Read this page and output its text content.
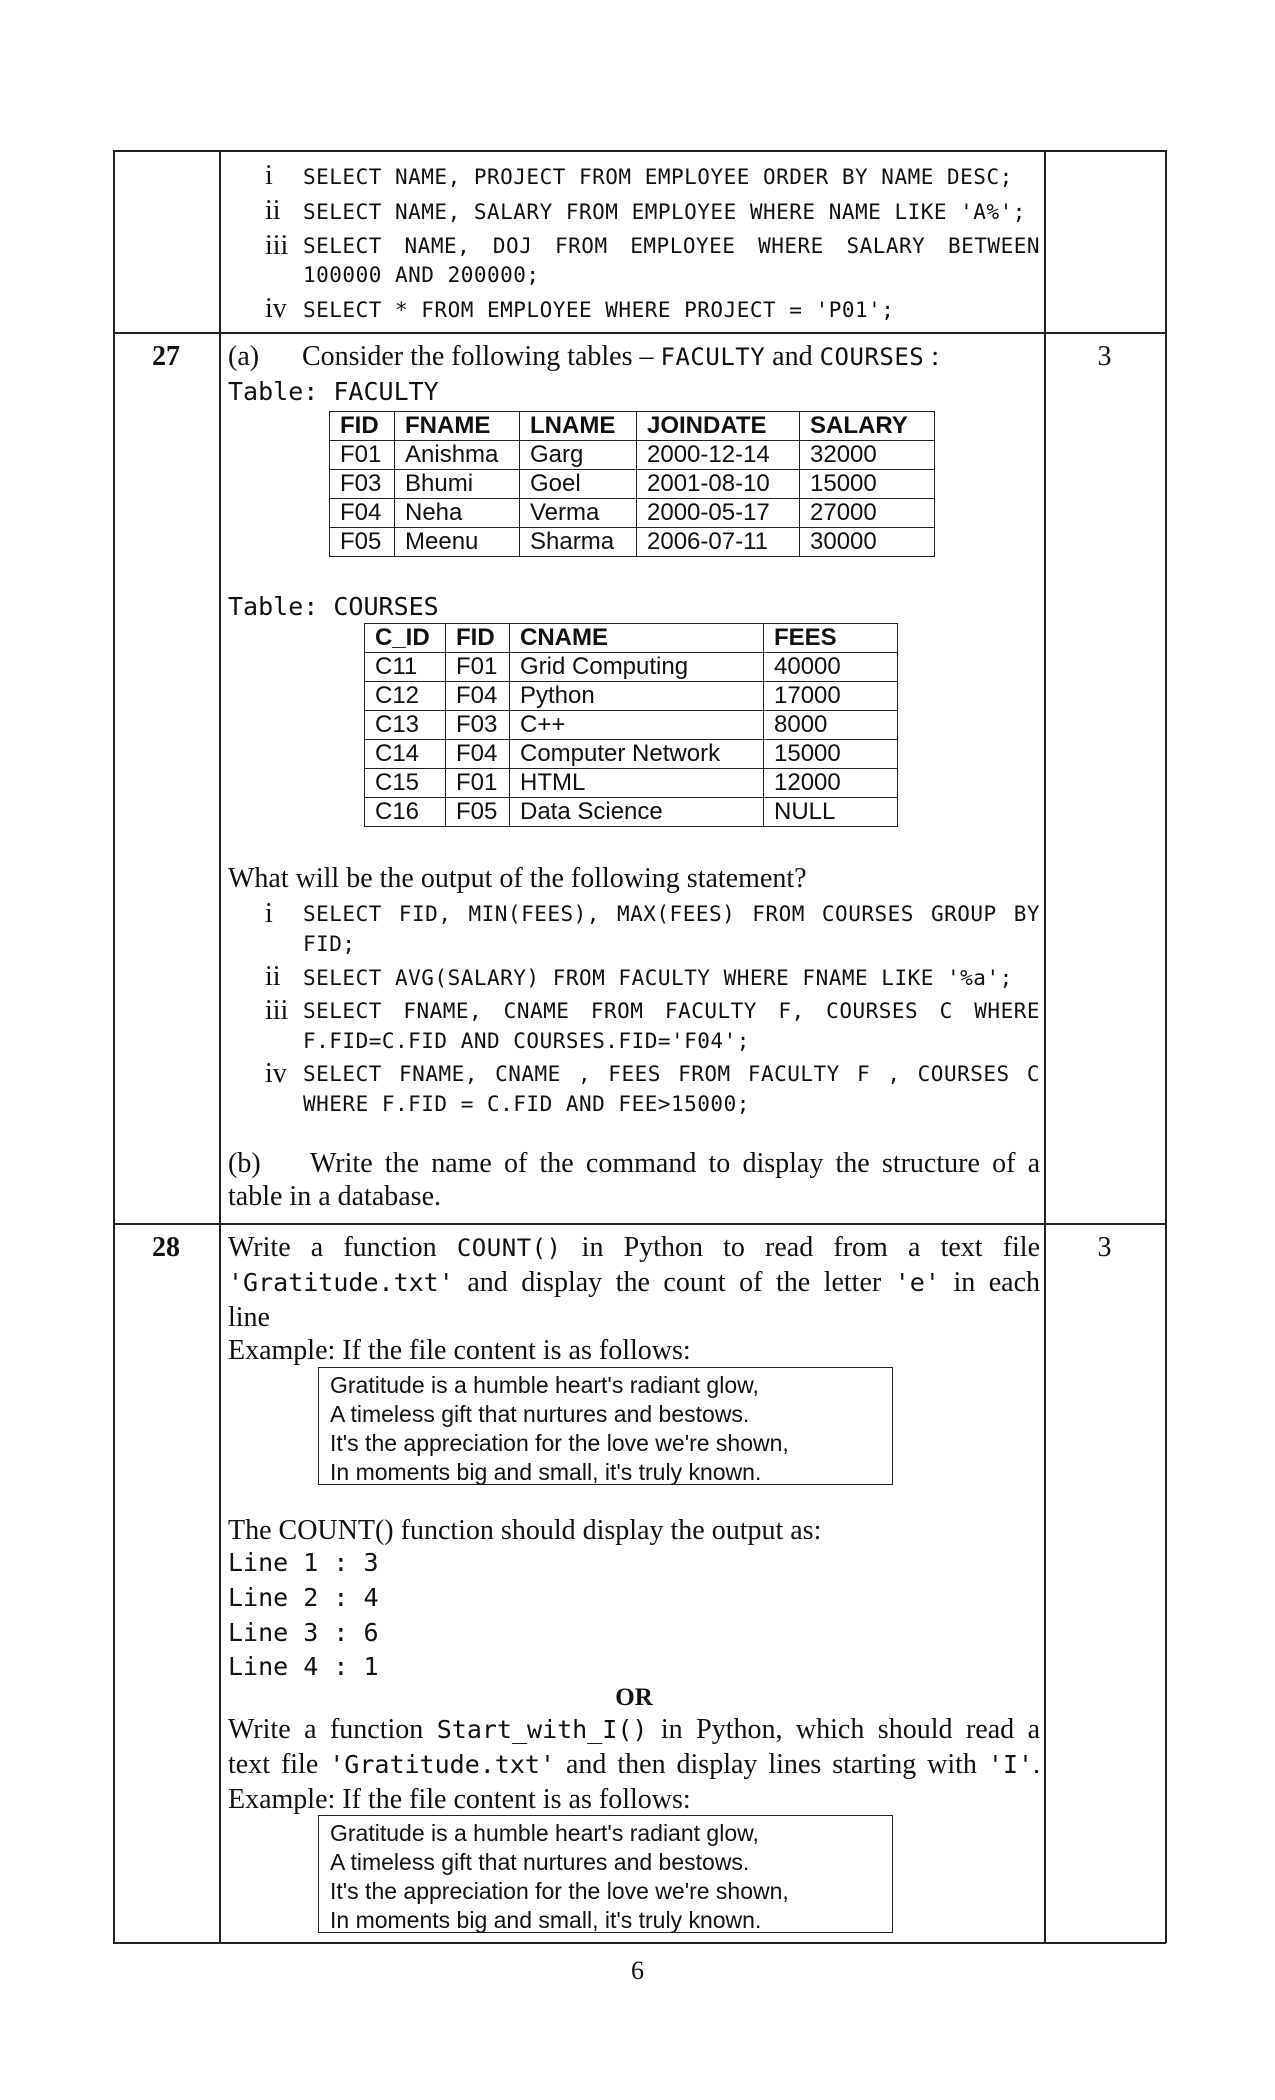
i SELECT NAME, PROJECT FROM EMPLOYEE ORDER BY NAME DESC;
ii SELECT NAME, SALARY FROM EMPLOYEE WHERE NAME LIKE 'A%';
iii SELECT NAME, DOJ FROM EMPLOYEE WHERE SALARY BETWEEN
100000 AND 200000;
iv SELECT * FROM EMPLOYEE WHERE PROJECT = 'P01';
27	3
(a) Consider the following tables – FACULTY and COURSES :
Table: FACULTY
FID	FNAME	LNAME	JOINDATE	SALARY
F01	Anishma	Garg	2000-12-14	32000
F03	Bhumi	Goel	2001-08-10	15000
F04	Neha	Verma	2000-05-17	27000
F05	Meenu	Sharma	2006-07-11	30000
Table: COURSES
C_ID	FID	CNAME	FEES
C11	F01	Grid Computing	40000
C12	F04	Python	17000
C13	F03	C++	8000
C14	F04	Computer Network	15000
C15	F01	HTML	12000
C16	F05	Data Science	NULL
What will be the output of the following statement?
i	SELECT FID, MIN(FEES), MAX(FEES) FROM COURSES GROUP BY
FID;
ii SELECT AVG(SALARY) FROM FACULTY WHERE FNAME LIKE '%a';
iii SELECT FNAME, CNAME FROM FACULTY F, COURSES C WHERE
F.FID=C.FID AND COURSES.FID='F04';
iv SELECT FNAME, CNAME , FEES FROM FACULTY F , COURSES C
WHERE F.FID = C.FID AND FEE>15000;
(b)	Write the name of the command to display the structure of a
table in a database.
28	3
Write a function COUNT() in Python to read from a text file
'Gratitude.txt' and display the count of the letter 'e' in each
line
Example: If the file content is as follows:
Gratitude is a humble heart's radiant glow,
A timeless gift that nurtures and bestows.
It's the appreciation for the love we're shown,
In moments big and small, it's truly known.
The COUNT() function should display the output as:
Line 1 : 3
Line 2 : 4
Line 3 : 6
Line 4 : 1
OR
Write a function Start_with_I() in Python, which should read a
text file 'Gratitude.txt' and then display lines starting with 'I'.
Example: If the file content is as follows:
Gratitude is a humble heart's radiant glow,
A timeless gift that nurtures and bestows.
It's the appreciation for the love we're shown,
In moments big and small, it's truly known.
6
